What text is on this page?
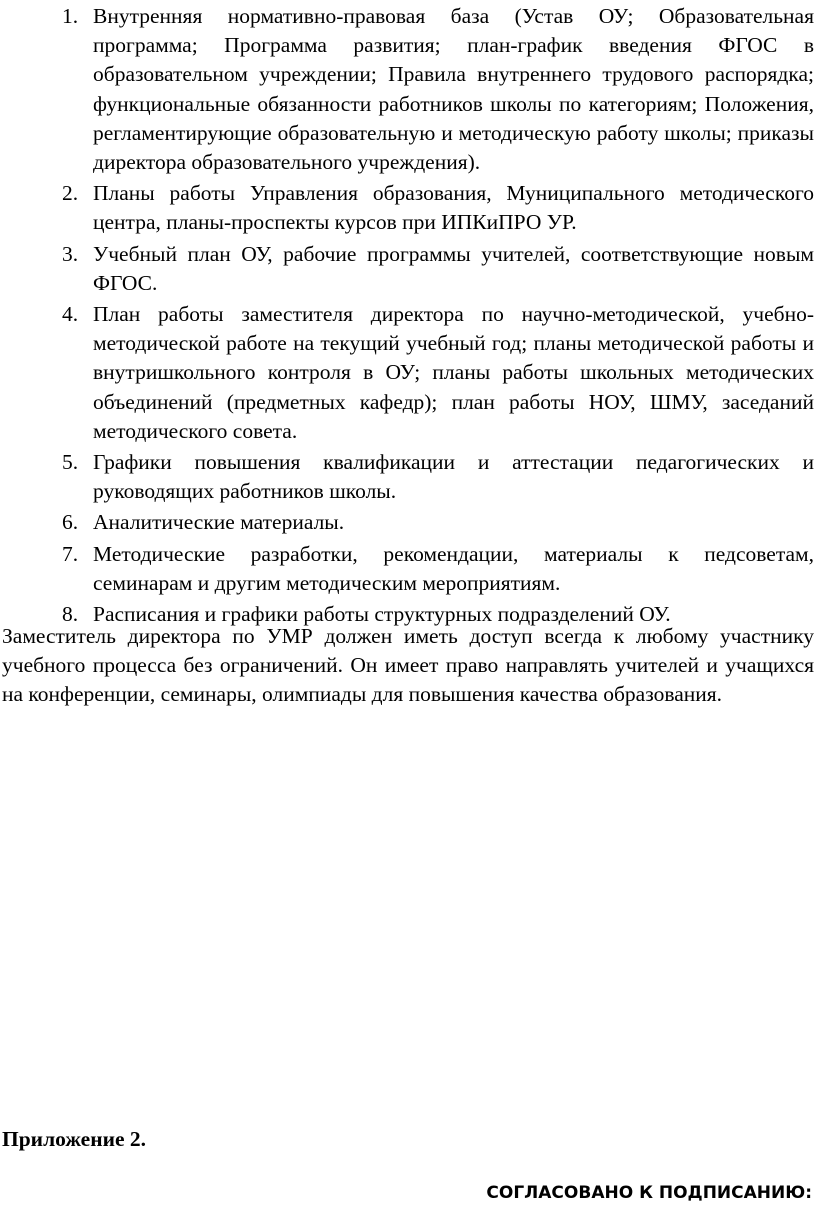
1. Внутренняя нормативно-правовая база (Устав ОУ; Образовательная программа; Программа развития; план-график введения ФГОС в образовательном учреждении; Правила внутреннего трудового распорядка; функциональные обязанности работников школы по категориям; Положения, регламентирующие образовательную и методическую работу школы; приказы директора образовательного учреждения).
2. Планы работы Управления образования, Муниципального методического центра, планы-проспекты курсов при ИПКиПРО УР.
3. Учебный план ОУ, рабочие программы учителей, соответствующие новым ФГОС.
4. План работы заместителя директора по научно-методической, учебно-методической работе на текущий учебный год; планы методической работы и внутришкольного контроля в ОУ; планы работы школьных методических объединений (предметных кафедр); план работы НОУ, ШМУ, заседаний методического совета.
5. Графики повышения квалификации и аттестации педагогических и руководящих работников школы.
6. Аналитические материалы.
7. Методические разработки, рекомендации, материалы к педсоветам, семинарам и другим методическим мероприятиям.
8. Расписания и графики работы структурных подразделений ОУ.

Заместитель директора по УМР должен иметь доступ всегда к любому участнику учебного процесса без ограничений. Он имеет право направлять учителей и учащихся на конференции, семинары, олимпиады для повышения качества образования.

Приложение 2.

СОГЛАСОВАНО К ПОДПИСАНИЮ:
